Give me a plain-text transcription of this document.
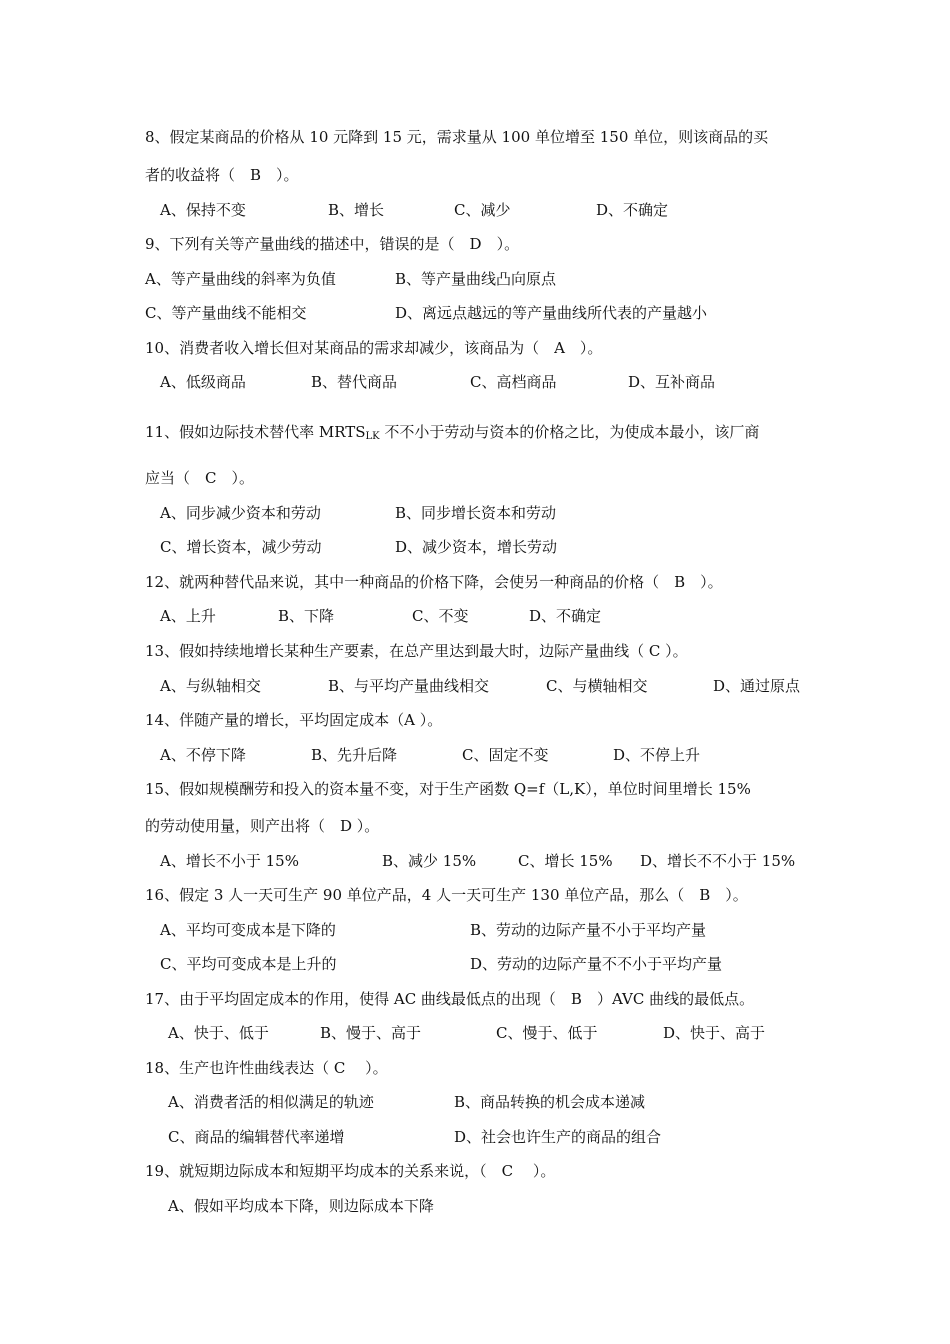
8、假定某商品的价格从 10 元降到 15 元，需求量从 100 单位增至 150 单位，则该商品的买
者的收益将（　B　）。
A、保持不变	B、增长	C、减少	D、不确定
9、下列有关等产量曲线的描述中，错误的是（　D　）。
A、等产量曲线的斜率为负值	B、等产量曲线凸向原点
C、等产量曲线不能相交	D、离远点越远的等产量曲线所代表的产量越小
10、消费者收入增长但对某商品的需求却减少，该商品为（　A　）。
A、低级商品	B、替代商品	C、高档商品	D、互补商品
11、假如边际技术替代率 $MRTS_{LK}$ 不不小于劳动与资本的价格之比，为使成本最小，该厂商
应当（　C　）。
A、同步减少资本和劳动	B、同步增长资本和劳动
C、增长资本，减少劳动	D、减少资本，增长劳动
12、就两种替代品来说，其中一种商品的价格下降，会使另一种商品的价格（　B　）。
A、上升	B、下降	C、不变	D、不确定
13、假如持续地增长某种生产要素，在总产里达到最大时，边际产量曲线（ C ）。
A、与纵轴相交	B、与平均产量曲线相交	C、与横轴相交	D、通过原点
14、伴随产量的增长，平均固定成本（A ）。
A、不停下降	B、先升后降	C、固定不变	D、不停上升
15、假如规模酬劳和投入的资本量不变，对于生产函数 Q=f（L,K），单位时间里增长 15%
的劳动使用量，则产出将（　D ）。
A、增长不小于 15%	B、减少 15%	C、增长 15% D、增长不不小于 15%
16、假定 3 人一天可生产 90 单位产品，4 人一天可生产 130 单位产品，那么（　B　）。
A、平均可变成本是下降的	B、劳动的边际产量不小于平均产量
C、平均可变成本是上升的	D、劳动的边际产量不不小于平均产量
17、由于平均固定成本的作用，使得 AC 曲线最低点的出现（　B　）AVC 曲线的最低点。
A、快于、低于	B、慢于、高于	C、慢于、低于	D、快于、高于
18、生产也许性曲线表达（ C　 ）。
A、消费者活的相似满足的轨迹	B、商品转换的机会成本递减
C、商品的编辑替代率递增	D、社会也许生产的商品的组合
19、就短期边际成本和短期平均成本的关系来说，（　C　 ）。
A、假如平均成本下降，则边际成本下降
